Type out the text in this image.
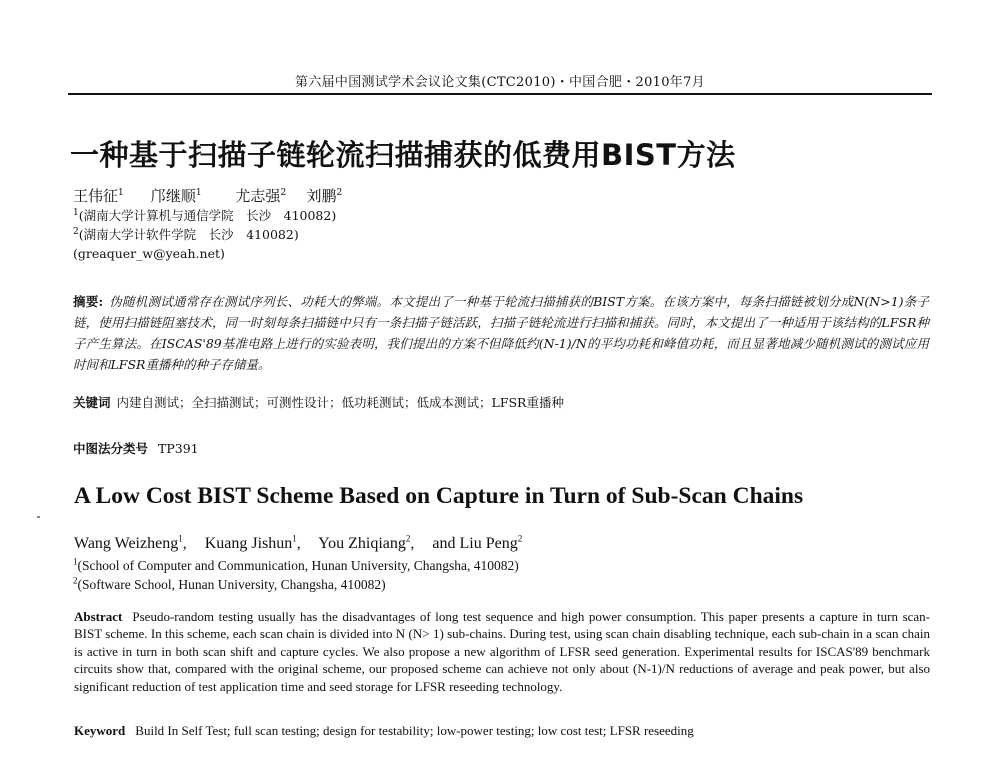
第六届中国测试学术会议论文集(CTC2010)・中国合肥・2010年7月
一种基于扫描子链轮流扫描捕获的低费用BIST方法
王伟征$^1$ 邝继顺$^1$ 尤志强$^2$ 刘鹏$^2$
$^1$(湖南大学计算机与通信学院　长沙　410082)
$^2$(湖南大学计软件学院　长沙　410082)
(greaquer_w@yeah.net)
摘要: 伪随机测试通常存在测试序列长、功耗大的弊端。本文提出了一种基于轮流扫描捕获的BIST方案。在该方案中，每条扫描链被划分成N(N>1)条子链，使用扫描链阻塞技术，同一时刻每条扫描链中只有一条扫描子链活跃，扫描子链轮流进行扫描和捕获。同时，本文提出了一种适用于该结构的LFSR种子产生算法。在ISCAS'89基准电路上进行的实验表明，我们提出的方案不但降低约(N-1)/N的平均功耗和峰值功耗，而且显著地减少随机测试的测试应用时间和LFSR重播种的种子存储量。
关键词 内建自测试；全扫描测试；可测性设计；低功耗测试；低成本测试；LFSR重播种
中图法分类号 TP391
A Low Cost BIST Scheme Based on Capture in Turn of Sub-Scan Chains
Wang Weizheng$^1$, Kuang Jishun$^1$, You Zhiqiang$^2$, and Liu Peng$^2$
$^1$(School of Computer and Communication, Hunan University, Changsha, 410082)
$^2$(Software School, Hunan University, Changsha, 410082)
Abstract Pseudo-random testing usually has the disadvantages of long test sequence and high power consumption. This paper presents a capture in turn scan-BIST scheme. In this scheme, each scan chain is divided into N (N> 1) sub-chains. During test, using scan chain disabling technique, each sub-chain in a scan chain is active in turn in both scan shift and capture cycles. We also propose a new algorithm of LFSR seed generation. Experimental results for ISCAS'89 benchmark circuits show that, compared with the original scheme, our proposed scheme can achieve not only about (N-1)/N reductions of average and peak power, but also significant reduction of test application time and seed storage for LFSR reseeding technology.
Keyword Build In Self Test; full scan testing; design for testability; low-power testing; low cost test; LFSR reseeding
